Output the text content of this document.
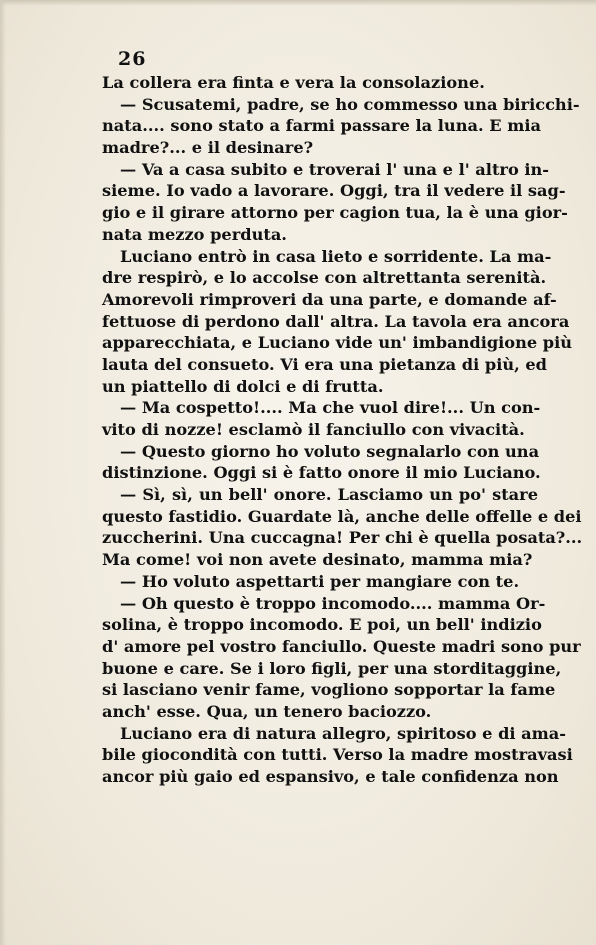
26
La collera era finta e vera la consolazione.
— Scusatemi, padre, se ho commesso una biricchi-
nata.... sono stato a farmi passare la luna. E mia
madre?... e il desinare?
— Va a casa subito e troverai l' una e l' altro in-
sieme. Io vado a lavorare. Oggi, tra il vedere il sag-
gio e il girare attorno per cagion tua, la è una gior-
nata mezzo perduta.
Luciano entrò in casa lieto e sorridente. La ma-
dre respirò, e lo accolse con altrettanta serenità.
Amorevoli rimproveri da una parte, e domande af-
fettuose di perdono dall' altra. La tavola era ancora
apparecchiata, e Luciano vide un' imbandigione più
lauta del consueto. Vi era una pietanza di più, ed
un piattello di dolci e di frutta.
— Ma cospetto!.... Ma che vuol dire!... Un con-
vito di nozze! esclamò il fanciullo con vivacità.
— Questo giorno ho voluto segnalarlo con una
distinzione. Oggi si è fatto onore il mio Luciano.
— Sì, sì, un bell' onore. Lasciamo un po' stare
questo fastidio. Guardate là, anche delle offelle e dei
zuccherini. Una cuccagna! Per chi è quella posata?...
Ma come! voi non avete desinato, mamma mia?
— Ho voluto aspettarti per mangiare con te.
— Oh questo è troppo incomodo.... mamma Or-
solina, è troppo incomodo. E poi, un bell' indizio
d' amore pel vostro fanciullo. Queste madri sono pur
buone e care. Se i loro figli, per una storditaggine,
si lasciano venir fame, vogliono sopportar la fame
anch' esse. Qua, un tenero baciozzo.
Luciano era di natura allegro, spiritoso e di ama-
bile giocondità con tutti. Verso la madre mostravasi
ancor più gaio ed espansivo, e tale confidenza non
